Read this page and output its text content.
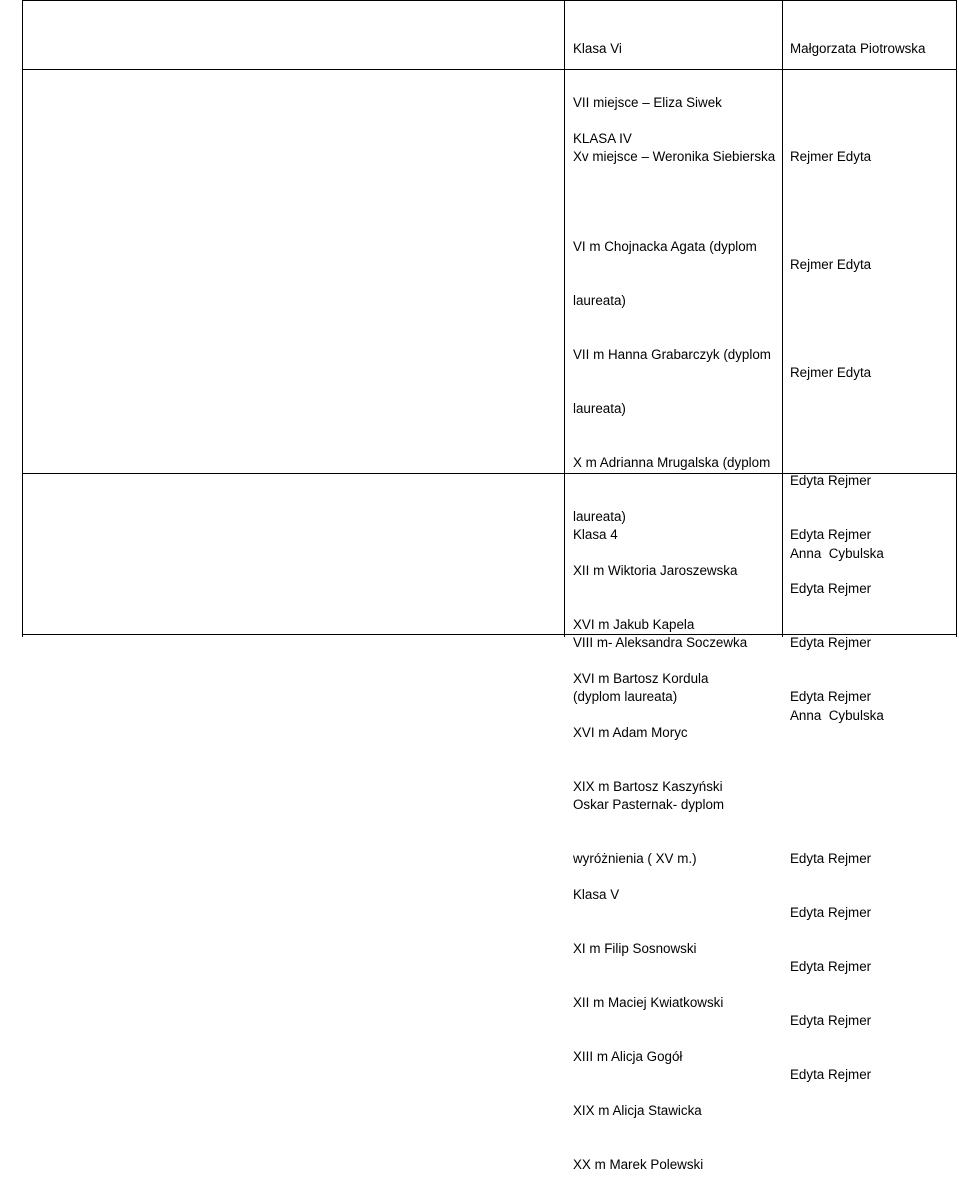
Klasa Vi

VII miejsce – Eliza Siwek

Xv miejsce – Weronika Siebierska

Małgorzata Piotrowska

KLASA IV

VI m Chojnacka Agata (dyplom

laureata)

VII m Hanna Grabarczyk (dyplom

laureata)

X m Adrianna Mrugalska (dyplom

laureata)

XII m Wiktoria Jaroszewska

XVI m Jakub Kapela

XVI m Bartosz Kordula

XVI m Adam Moryc

XIX m Bartosz Kaszyński

Klasa V

XI m Filip Sosnowski

XII m Maciej Kwiatkowski

XIII m Alicja Gogół

XIX m Alicja Stawicka

XX m Marek Polewski

Rejmer Edyta

Rejmer Edyta

Rejmer Edyta

Edyta Rejmer

Edyta Rejmer

Edyta Rejmer

Edyta Rejmer

Edyta Rejmer

Edyta Rejmer

Edyta Rejmer

Edyta Rejmer

Edyta Rejmer

Edyta Rejmer

Klasa 4

VIII m- Aleksandra Soczewka

(dyplom laureata)

Oskar Pasternak- dyplom

wyróżnienia ( XV m.)

Anna  Cybulska

Anna  Cybulska
